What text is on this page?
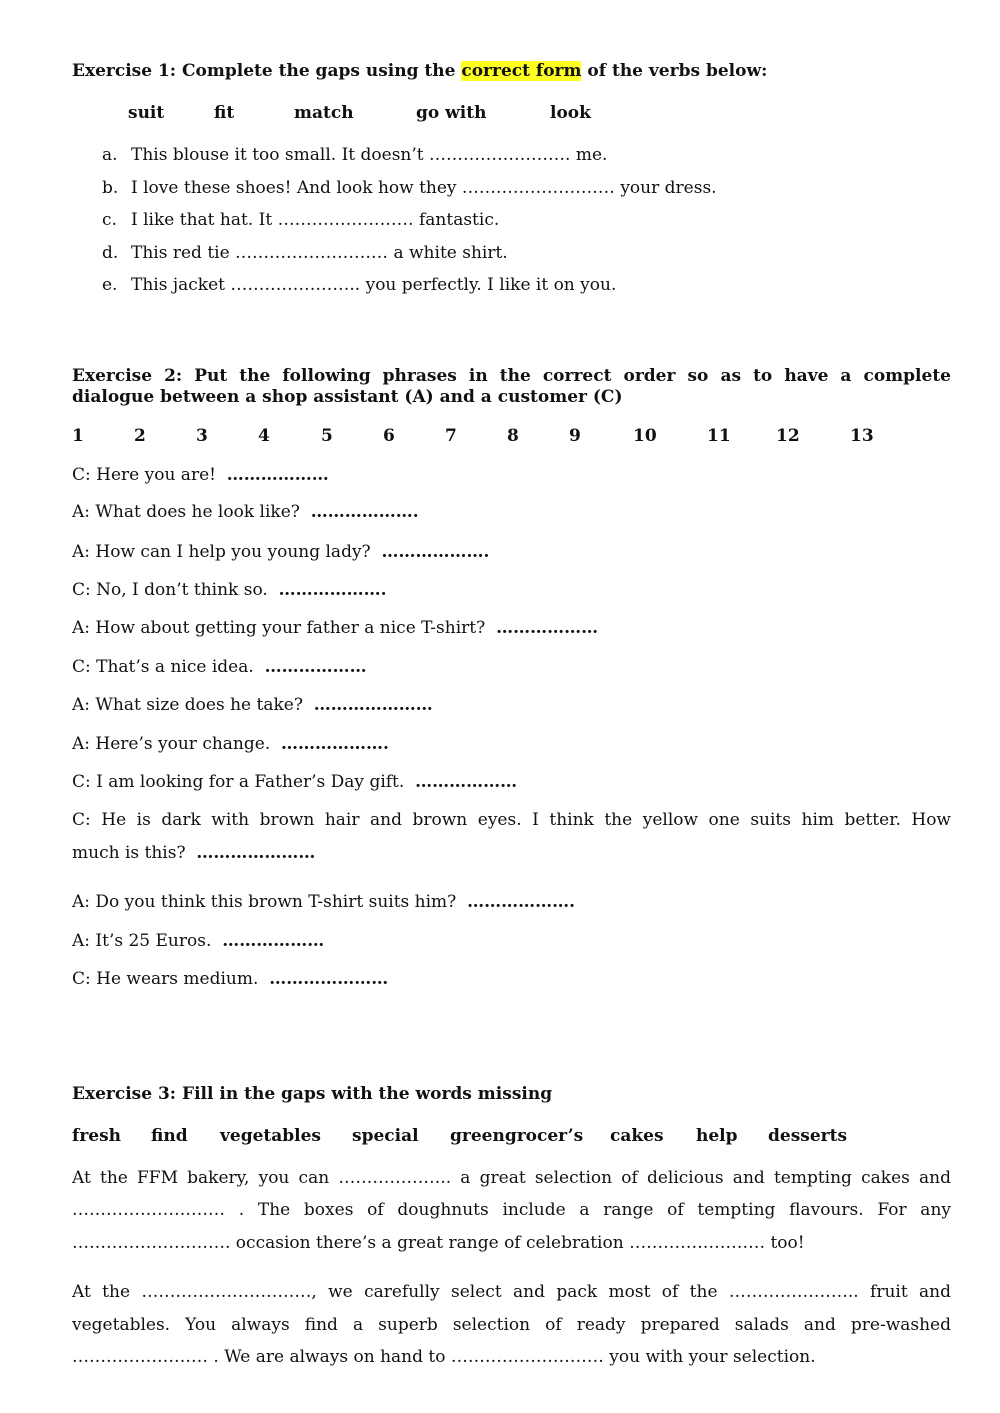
Exercise 1: Complete the gaps using the correct form of the verbs below:
suit	fit	match	go with	look
a. This blouse it too small. It doesn’t ……………………. me.
b. I love these shoes! And look how they ……………………… your dress.
c. I like that hat. It …………………… fantastic.
d. This red tie ……………………… a white shirt.
e. This jacket ………………….. you perfectly. I like it on you.
Exercise 2: Put the following phrases in the correct order so as to have a complete
dialogue between a shop assistant (A) and a customer (C)
1	2	3	4	5	6	7	8	9	10	11	12	13
C: Here you are! ………………
A: What does he look like? ……………….
A: How can I help you young lady? ……………….
C: No, I don’t think so. ……………….
A: How about getting your father a nice T-shirt? ………………
C: That’s a nice idea. ………………
A: What size does he take? …………………
A: Here’s your change. ……………….
C: I am looking for a Father’s Day gift. ………………
C: He is dark with brown hair and brown eyes. I think the yellow one suits him better. How
much is this? …………………
A: Do you think this brown T-shirt suits him? ……………….
A: It’s 25 Euros. ………………
C: He wears medium. …………………
Exercise 3: Fill in the gaps with the words missing
fresh find vegetables special greengrocer’s cakes help desserts
At the FFM bakery, you can ……………….. a great selection of delicious and tempting cakes and
……………………… . The boxes of doughnuts include a range of tempting flavours. For any
………………………. occasion there’s a great range of celebration …………………… too!
At the …………………………, we carefully select and pack most of the ………………….. fruit and
vegetables. You always find a superb selection of ready prepared salads and pre-washed
…………………… . We are always on hand to ……………………… you with your selection.
